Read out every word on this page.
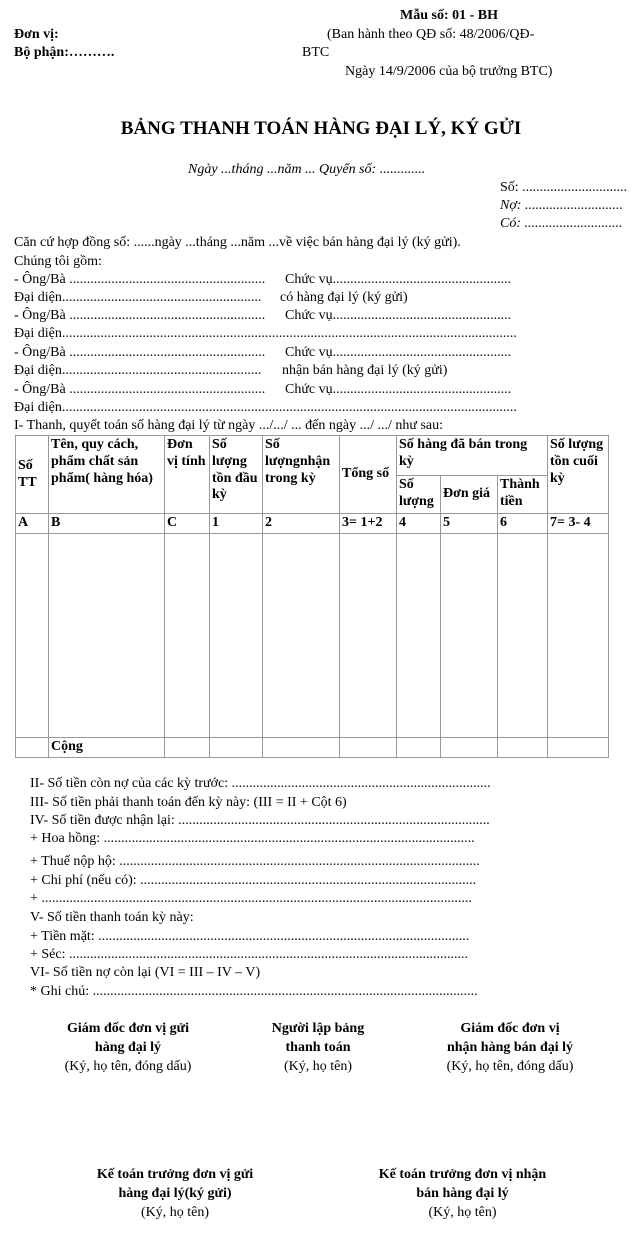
Mẫu số: 01 - BH
Đơn vị:
Bộ phận:……….
(Ban hành theo QĐ số: 48/2006/QĐ-
BTC
Ngày 14/9/2006 của bộ trưởng BTC)
BẢNG THANH TOÁN HÀNG ĐẠI LÝ, KÝ GỬI
Ngày ...tháng ...năm ... Quyển số: .............
Số: ..............................
Nợ: ............................
Có: ............................
Căn cứ hợp đồng số: ......ngày ...tháng ...năm ...về việc bán hàng đại lý (ký gửi).
Chúng tôi gồm:
- Ông/Bà ........................................................ Chức vụ...................................................
Đại diện......................................................... có hàng đại lý (ký gửi)
- Ông/Bà ........................................................ Chức vụ...................................................
Đại diện..................................................................................................................................
- Ông/Bà ........................................................ Chức vụ...................................................
Đại diện......................................................... nhận bán hàng đại lý (ký gửi)
- Ông/Bà ........................................................ Chức vụ...................................................
Đại diện..................................................................................................................................
I- Thanh, quyết toán số hàng đại lý từ ngày .../.../ ... đến ngày .../ .../ như sau:
Số TT	Tên, quy cách, phẩm chất sản phẩm( hàng hóa)	Đơn vị tính	Số lượng tồn đầu kỳ	Số lượngnhận trong kỳ	Tổng số	Số hàng đã bán trong kỳ			Số lượng tồn cuối kỳ
						Số lượng	Đơn giá	Thành tiền	
A	B	C	1	2	3= 1+2	4	5	6	7= 3- 4

	Cộng								
II- Số tiền còn nợ của các kỳ trước: ..........................................................................
III- Số tiền phải thanh toán đến kỳ này: (III = II + Cột 6)
IV- Số tiền được nhận lại: .........................................................................................
+ Hoa hồng: ..........................................................................................................
+ Thuế nộp hộ: .......................................................................................................
+ Chi phí (nếu có): ................................................................................................
+ ...........................................................................................................................
V- Số tiền thanh toán kỳ này:
+ Tiền mặt: ..........................................................................................................
+ Séc: ..................................................................................................................
VI- Số tiền nợ còn lại (VI = III – IV – V)
* Ghi chú: ..............................................................................................................
Giám đốc đơn vị gửi
hàng đại lý
(Ký, họ tên, đóng dấu)
Người lập bảng
thanh toán
(Ký, họ tên)
Giám đốc đơn vị
nhận hàng bán đại lý
(Ký, họ tên, đóng dấu)
Kế toán trưởng đơn vị gửi
hàng đại lý(ký gửi)
(Ký, họ tên)
Kế toán trưởng đơn vị nhận
bán hàng đại lý
(Ký, họ tên)
